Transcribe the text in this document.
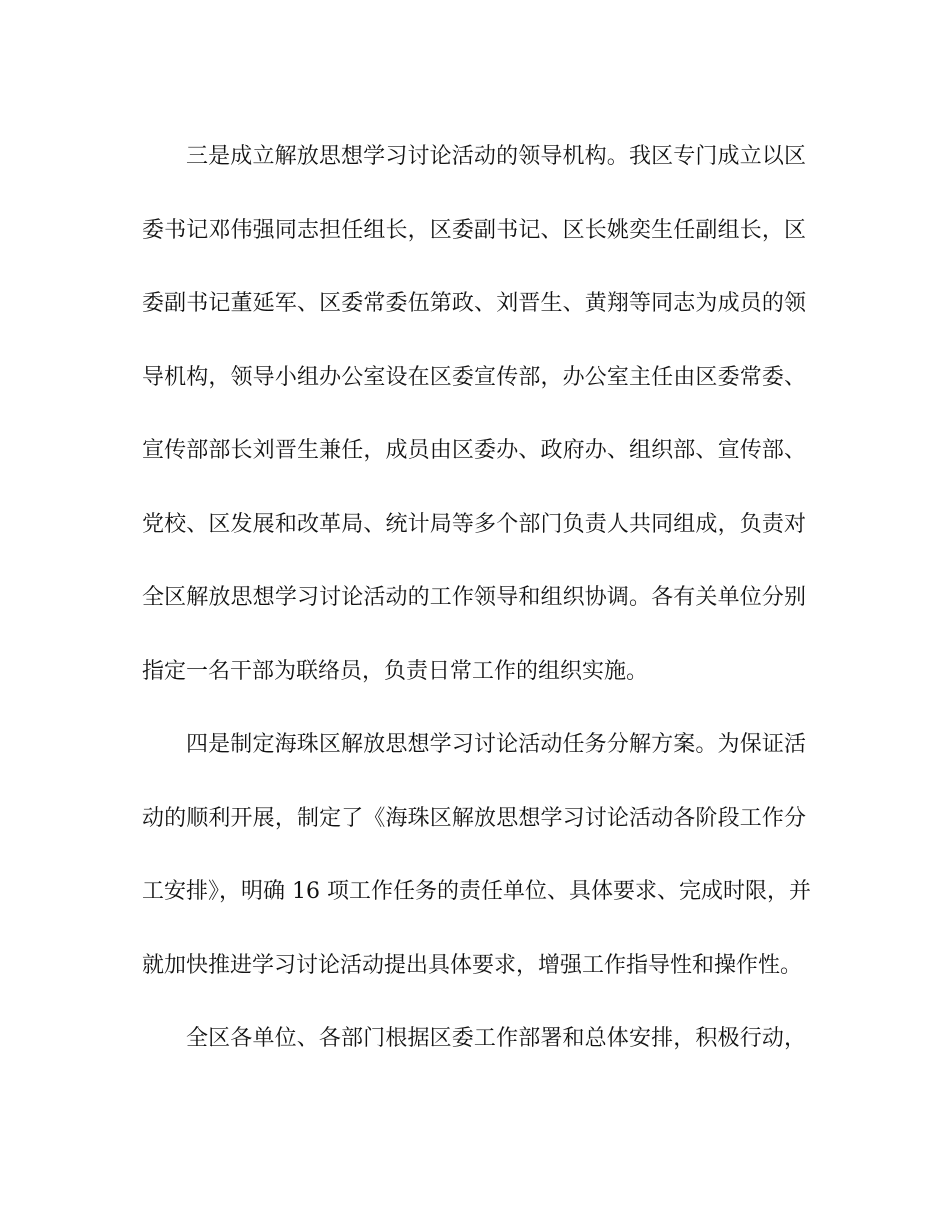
三是成立解放思想学习讨论活动的领导机构。我区专门成立以区
委书记邓伟强同志担任组长，区委副书记、区长姚奕生任副组长，区
委副书记董延军、区委常委伍第政、刘晋生、黄翔等同志为成员的领
导机构，领导小组办公室设在区委宣传部，办公室主任由区委常委、
宣传部部长刘晋生兼任，成员由区委办、政府办、组织部、宣传部、
党校、区发展和改革局、统计局等多个部门负责人共同组成，负责对
全区解放思想学习讨论活动的工作领导和组织协调。各有关单位分别
指定一名干部为联络员，负责日常工作的组织实施。
四是制定海珠区解放思想学习讨论活动任务分解方案。为保证活
动的顺利开展，制定了《海珠区解放思想学习讨论活动各阶段工作分
工安排》，明确 16 项工作任务的责任单位、具体要求、完成时限，并
就加快推进学习讨论活动提出具体要求，增强工作指导性和操作性。
全区各单位、各部门根据区委工作部署和总体安排，积极行动，
